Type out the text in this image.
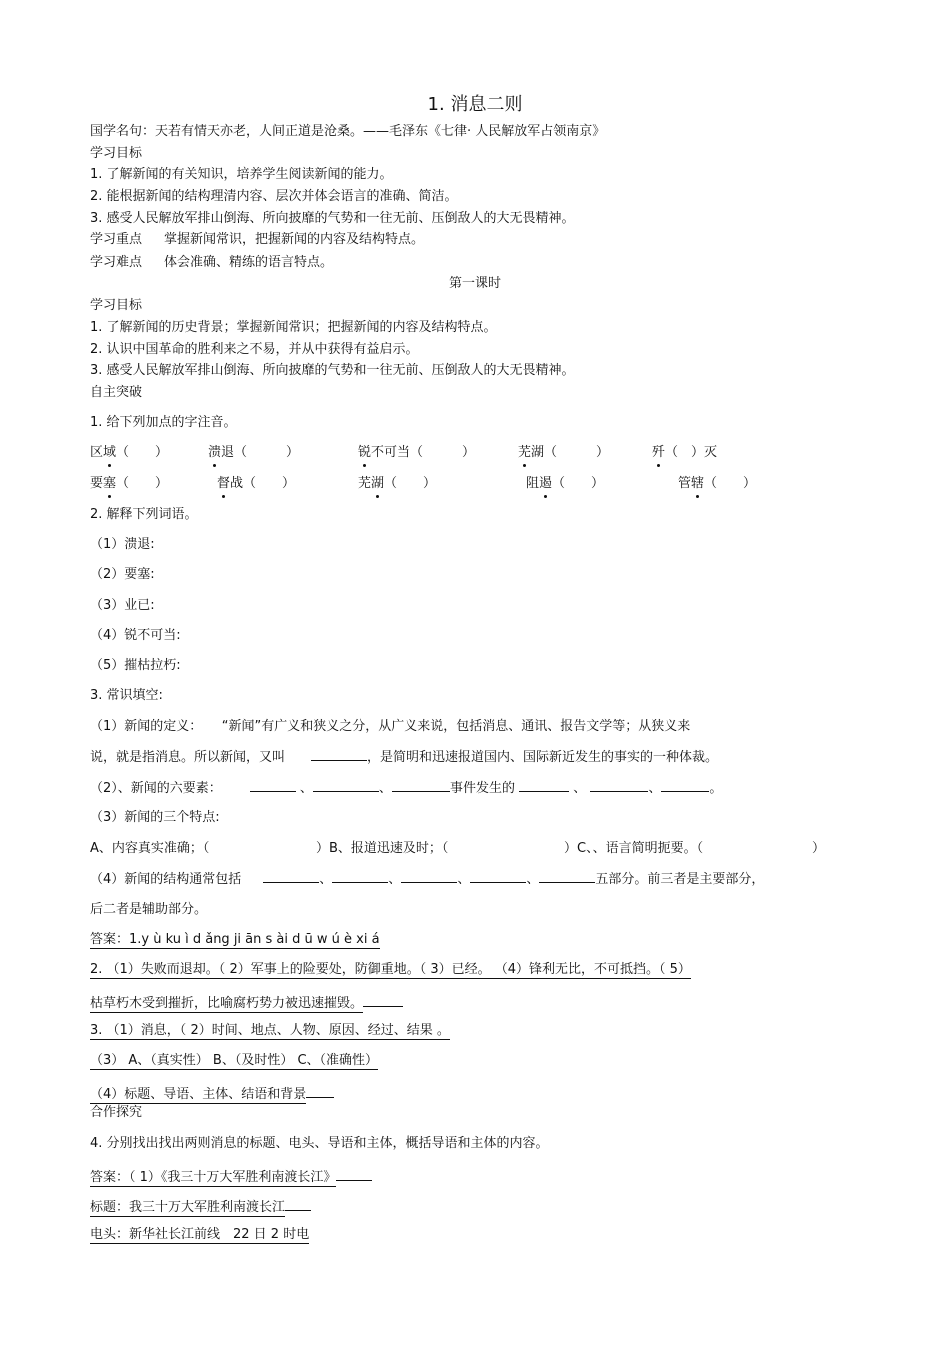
1. 消息二则
国学名句：天若有情天亦老，人间正道是沧桑。——毛泽东《七律· 人民解放军占领南京》
学习目标
1. 了解新闻的有关知识，培养学生阅读新闻的能力。
2. 能根据新闻的结构理清内容、层次并体会语言的准确、简洁。
3. 感受人民解放军排山倒海、所向披靡的气势和一往无前、压倒敌人的大无畏精神。
学习重点 掌握新闻常识，把握新闻的内容及结构特点。
学习难点 体会准确、精练的语言特点。
第一课时
学习目标
1. 了解新闻的历史背景；掌握新闻常识；把握新闻的内容及结构特点。
2. 认识中国革命的胜利来之不易，并从中获得有益启示。
3. 感受人民解放军排山倒海、所向披靡的气势和一往无前、压倒敌人的大无畏精神。
自主突破
1. 给下列加点的字注音。
区域（　　）	溃退（　　　）	锐不可当（　　　）	芜湖（　　　）	歼（　）灭
要塞（　　）	督战（　　）	芜湖（　　）	阻遏（　　）	管辖（　　）
2. 解释下列词语。
（1）溃退:
（2）要塞:
（3）业已:
（4）锐不可当:
（5）摧枯拉朽:
3. 常识填空:
（1）新闻的定义：　　“新闻”有广义和狭义之分，从广义来说，包括消息、通讯、报告文学等；从狭义来
说，就是指消息。所以新闻，又叫	，是简明和迅速报道国内、国际新近发生的事实的一种体裁。
（2）、新闻的六要素：	、	、	事件发生的	、	、	。
（3）新闻的三个特点:
A、内容真实准确；（	）B、报道迅速及时；（	）C、、语言简明扼要。（	）
（4）新闻的结构通常包括	、	、	、	、	五部分。前三者是主要部分，
后二者是辅助部分。
答案：1.y ù ku ì d ǎng ji ān s ài d ū w ú è xi á
2. （1）失败而退却。（ 2）军事上的险要处，防御重地。（ 3）已经。 （4）锋利无比，不可抵挡。（ 5）
枯草朽木受到摧折，比喻腐朽势力被迅速摧毁。
3. （1）消息，（ 2）时间、地点、人物、原因、经过、结果 。
（3） A、（真实性） B、（及时性） C、（准确性）
（4）标题、导语、主体、结语和背景
合作探究
4. 分别找出找出两则消息的标题、电头、导语和主体，概括导语和主体的内容。
答案：（ 1）《我三十万大军胜利南渡长江》
标题：我三十万大军胜利南渡长江
电头：新华社长江前线　22 日 2 时电
